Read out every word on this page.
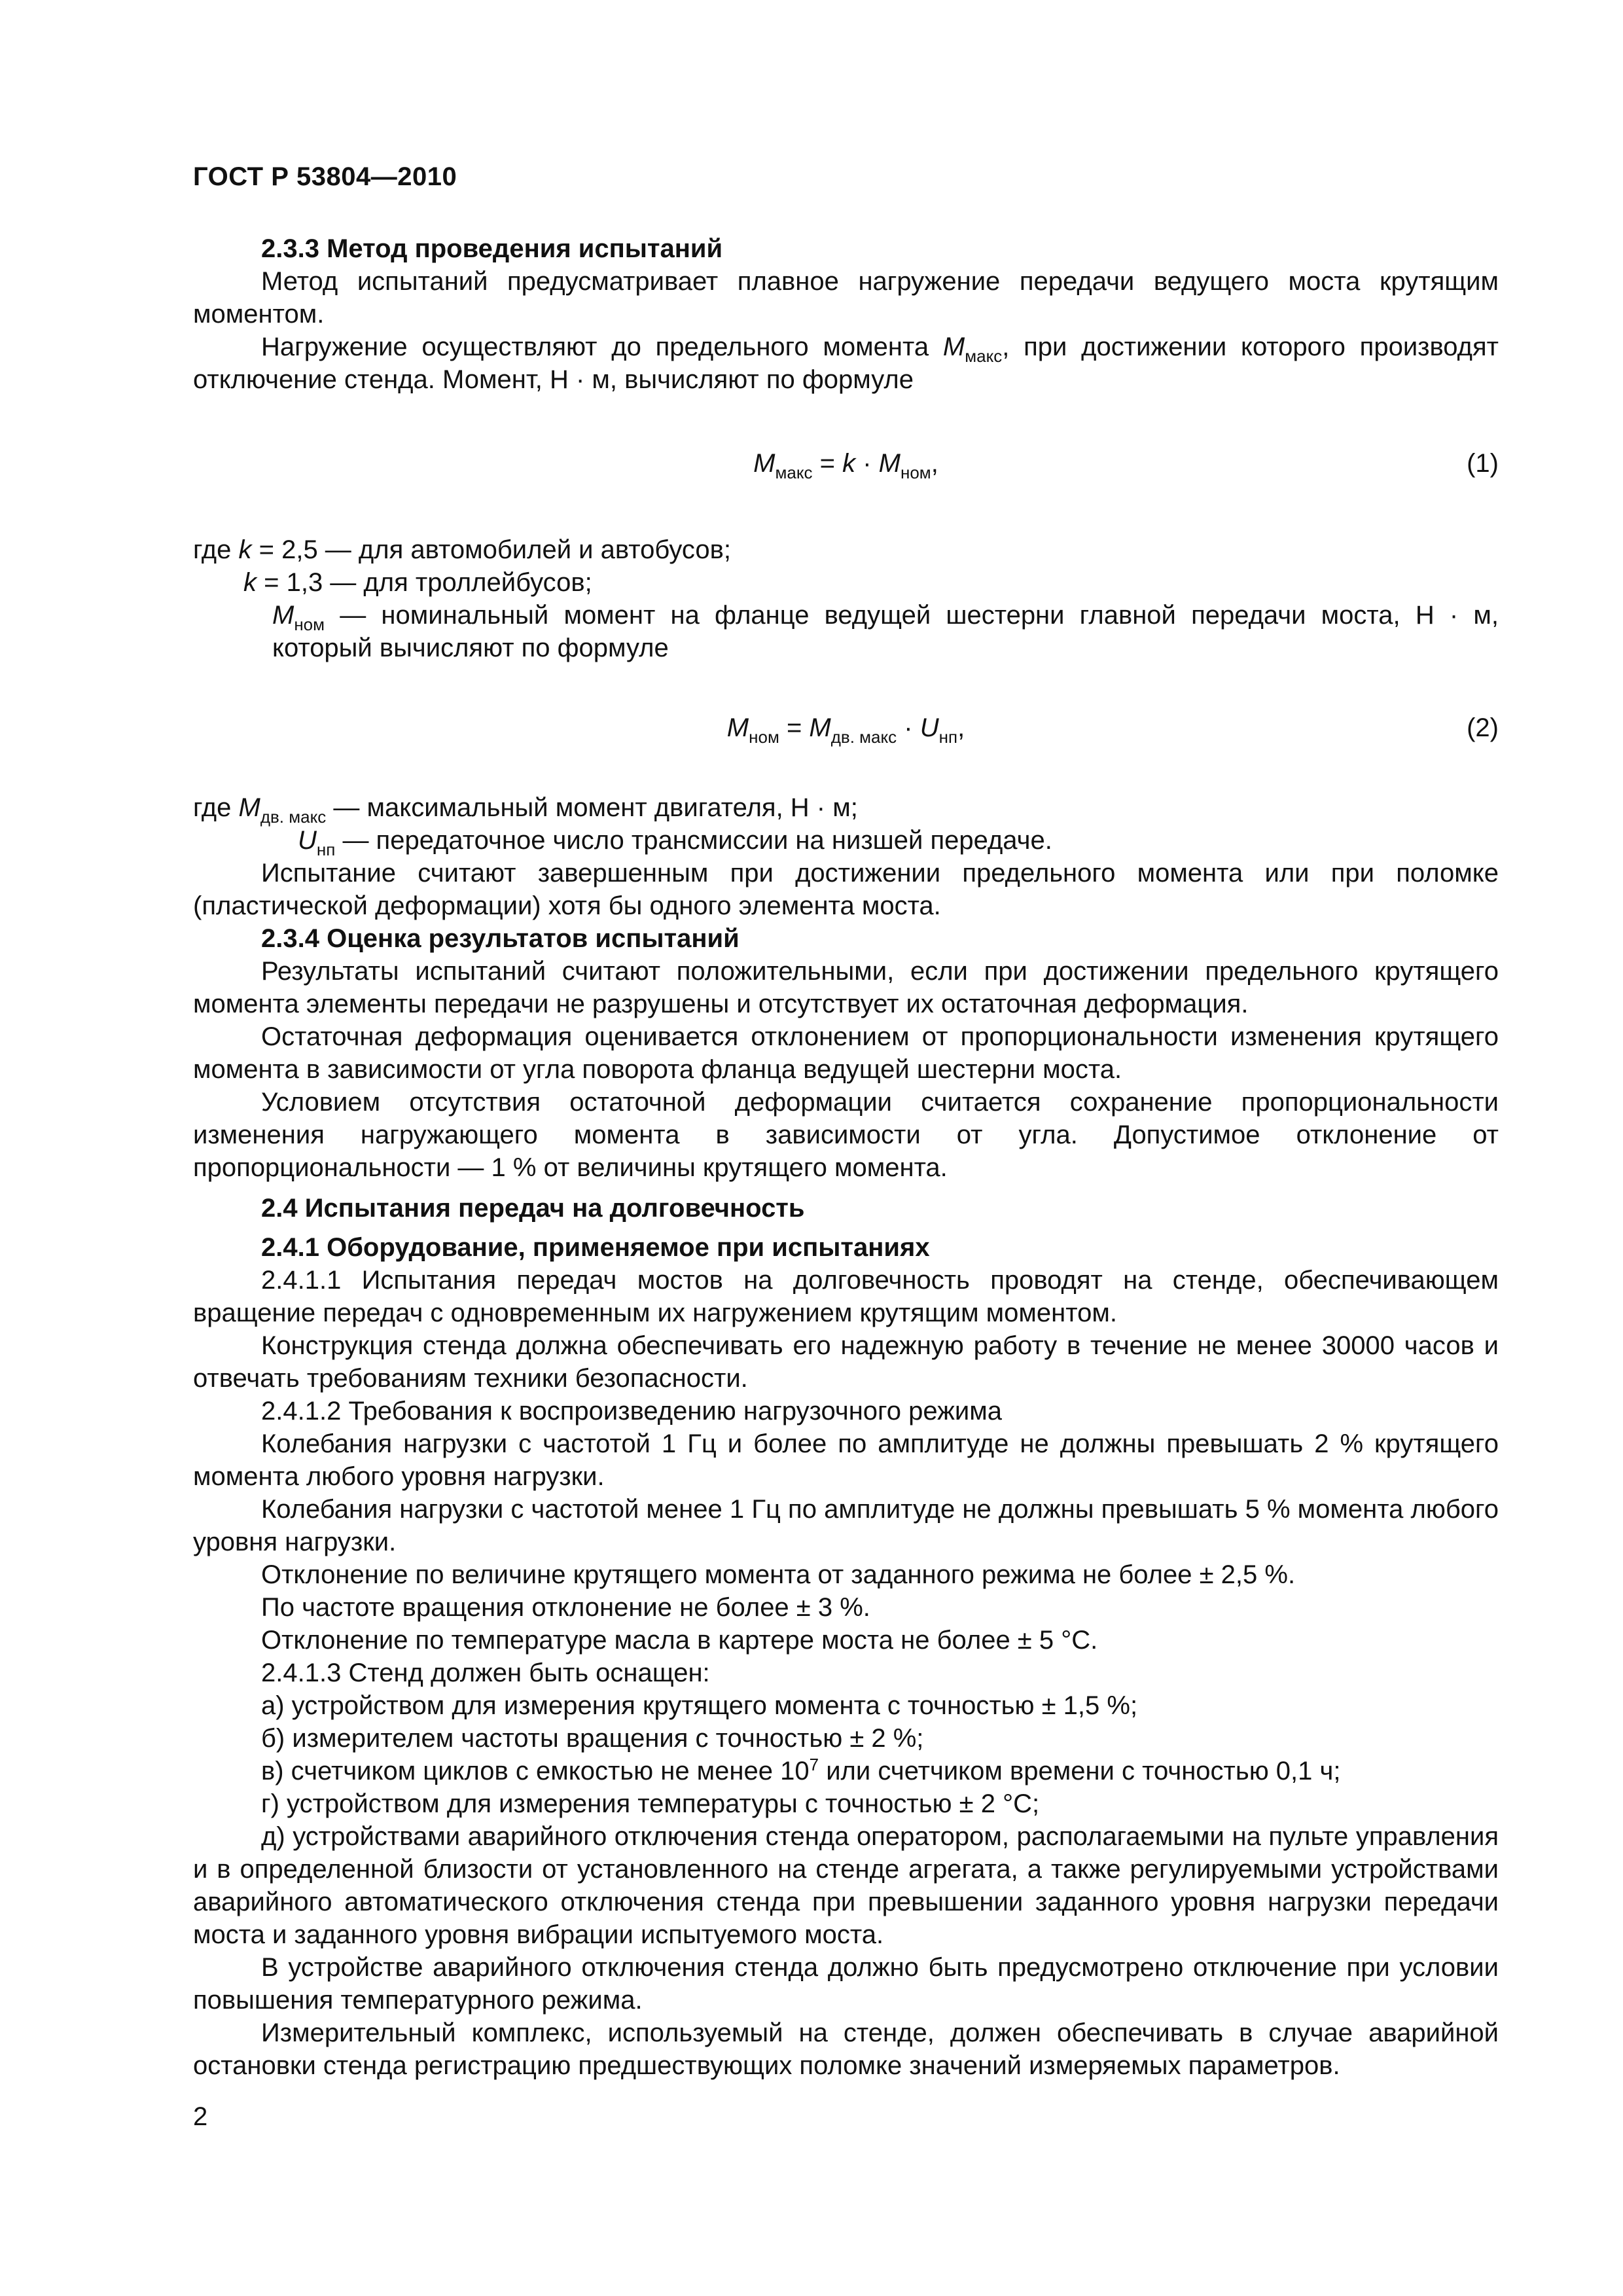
ГОСТ Р 53804—2010

2.3.3 Метод проведения испытаний

Метод испытаний предусматривает плавное нагружение передачи ведущего моста крутящим моментом.

Нагружение осуществляют до предельного момента $M_{макс}$, при достижении которого производят отключение стенда. Момент, Н · м, вычисляют по формуле

$M_{макс} = k \cdot M_{ном}$,	(1)

где k = 2,5 — для автомобилей и автобусов;

k = 1,3 — для троллейбусов;

$M_{ном}$ — номинальный момент на фланце ведущей шестерни главной передачи моста, Н · м, который вычисляют по формуле

$M_{ном} = M_{дв. макс} \cdot U_{нп}$,	(2)

где $M_{дв. макс}$ — максимальный момент двигателя, Н · м;

$U_{нп}$ — передаточное число трансмиссии на низшей передаче.

Испытание считают завершенным при достижении предельного момента или при поломке (пластической деформации) хотя бы одного элемента моста.

2.3.4 Оценка результатов испытаний

Результаты испытаний считают положительными, если при достижении предельного крутящего момента элементы передачи не разрушены и отсутствует их остаточная деформация.

Остаточная деформация оценивается отклонением от пропорциональности изменения крутящего момента в зависимости от угла поворота фланца ведущей шестерни моста.

Условием отсутствия остаточной деформации считается сохранение пропорциональности изменения нагружающего момента в зависимости от угла. Допустимое отклонение от пропорциональности — 1 % от величины крутящего момента.

2.4 Испытания передач на долговечность

2.4.1 Оборудование, применяемое при испытаниях

2.4.1.1 Испытания передач мостов на долговечность проводят на стенде, обеспечивающем вращение передач с одновременным их нагружением крутящим моментом.

Конструкция стенда должна обеспечивать его надежную работу в течение не менее 30000 часов и отвечать требованиям техники безопасности.

2.4.1.2 Требования к воспроизведению нагрузочного режима

Колебания нагрузки с частотой 1 Гц и более по амплитуде не должны превышать 2 % крутящего момента любого уровня нагрузки.

Колебания нагрузки с частотой менее 1 Гц по амплитуде не должны превышать 5 % момента любого уровня нагрузки.

Отклонение по величине крутящего момента от заданного режима не более ± 2,5 %.

По частоте вращения отклонение не более ± 3 %.

Отклонение по температуре масла в картере моста не более ± 5 °С.

2.4.1.3 Стенд должен быть оснащен:

а) устройством для измерения крутящего момента с точностью ± 1,5 %;

б) измерителем частоты вращения с точностью ± 2 %;

в) счетчиком циклов с емкостью не менее $10^7$ или счетчиком времени с точностью 0,1 ч;

г) устройством для измерения температуры с точностью ± 2 °С;

д) устройствами аварийного отключения стенда оператором, располагаемыми на пульте управления и в определенной близости от установленного на стенде агрегата, а также регулируемыми устройствами аварийного автоматического отключения стенда при превышении заданного уровня нагрузки передачи моста и заданного уровня вибрации испытуемого моста.

В устройстве аварийного отключения стенда должно быть предусмотрено отключение при условии повышения температурного режима.

Измерительный комплекс, используемый на стенде, должен обеспечивать в случае аварийной остановки стенда регистрацию предшествующих поломке значений измеряемых параметров.

2
